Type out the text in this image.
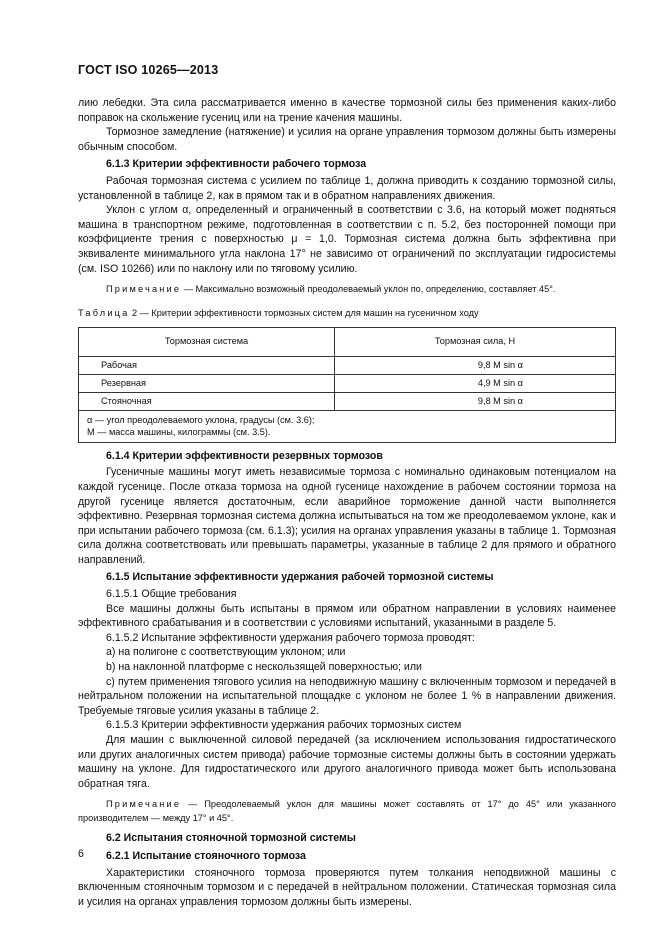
ГОСТ ISO 10265—2013

лию лебедки. Эта сила рассматривается именно в качестве тормозной силы без применения каких-либо поправок на скольжение гусениц или на трение качения машины.

Тормозное замедление (натяжение) и усилия на органе управления тормозом должны быть измерены обычным способом.

6.1.3 Критерии эффективности рабочего тормоза

Рабочая тормозная система с усилием по таблице 1, должна приводить к созданию тормозной силы, установленной в таблице 2, как в прямом так и в обратном направлениях движения.

Уклон с углом α, определенный и ограниченный в соответствии с 3.6, на который может подняться машина в транспортном режиме, подготовленная в соответствии с п. 5.2, без посторонней помощи при коэффициенте трения с поверхностью μ = 1,0. Тормозная система должна быть эффективна при эквиваленте минимального угла наклона 17° не зависимо от ограничений по эксплуатации гидросистемы (см. ISO 10266) или по наклону или по тяговому усилию.

Примечание — Максимально возможный преодолеваемый уклон по, определению, составляет 45°.

Таблица 2 — Критерии эффективности тормозных систем для машин на гусеничном ходу
Тормозная система	Тормозная сила, Н
Рабочая	9,8 M sin α
Резервная	4,9 M sin α
Стояночная	9,8 M sin α

α — угол преодолеваемого уклона, градусы (см. 3.6);
M — масса машины, килограммы (см. 3.5).	
6.1.4 Критерии эффективности резервных тормозов

Гусеничные машины могут иметь независимые тормоза с номинально одинаковым потенциалом на каждой гусенице. После отказа тормоза на одной гусенице нахождение в рабочем состоянии тормоза на другой гусенице является достаточным, если аварийное торможение данной части выполняется эффективно. Резервная тормозная система должна испытываться на том же преодолеваемом уклоне, как и при испытании рабочего тормоза (см. 6.1.3); усилия на органах управления указаны в таблице 1. Тормозная сила должна соответствовать или превышать параметры, указанные в таблице 2 для прямого и обратного направлений.

6.1.5 Испытание эффективности удержания рабочей тормозной системы
6.1.5.1 Общие требования

Все машины должны быть испытаны в прямом или обратном направлении в условиях наименее эффективного срабатывания и в соответствии с условиями испытаний, указанными в разделе 5.

6.1.5.2 Испытание эффективности удержания рабочего тормоза проводят:

a) на полигоне с соответствующим уклоном; или

b) на наклонной платформе с нескользящей поверхностью; или

c) путем применения тягового усилия на неподвижную машину с включенным тормозом и передачей в нейтральном положении на испытательной площадке с уклоном не более 1 % в направлении движения. Требуемые тяговые усилия указаны в таблице 2.

6.1.5.3 Критерии эффективности удержания рабочих тормозных систем

Для машин с выключенной силовой передачей (за исключением использования гидростатического или других аналогичных систем привода) рабочие тормозные системы должны быть в состоянии удержать машину на уклоне. Для гидростатического или другого аналогичного привода может быть использована обратная тяга.

Примечание — Преодолеваемый уклон для машины может составлять от 17° до 45° или указанного производителем — между 17° и 45°.

6.2 Испытания стояночной тормозной системы
6.2.1 Испытание стояночного тормоза

Характеристики стояночного тормоза проверяются путем толкания неподвижной машины с включенным стояночным тормозом и с передачей в нейтральном положении. Статическая тормозная сила и усилия на органах управления тормозом должны быть измерены.

6
